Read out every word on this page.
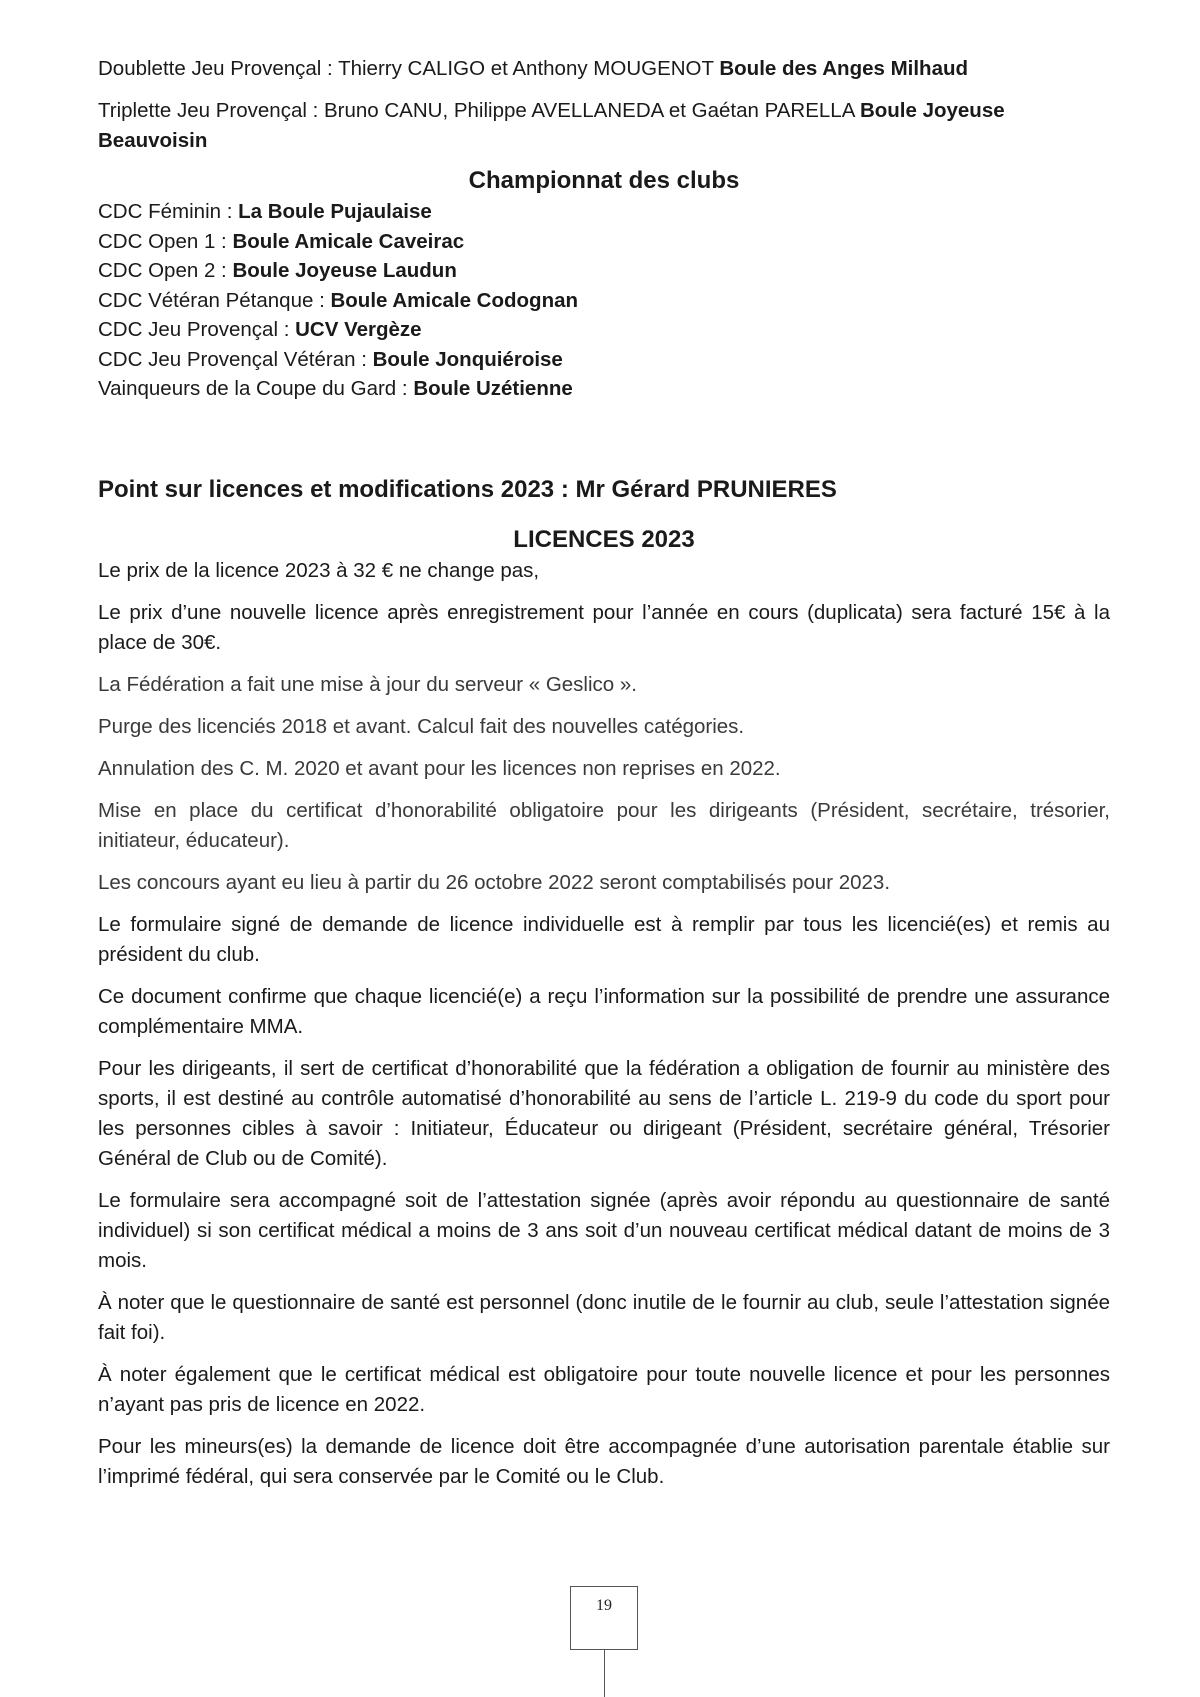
Doublette Jeu Provençal : Thierry CALIGO et Anthony MOUGENOT Boule des Anges Milhaud

Triplette Jeu Provençal : Bruno CANU, Philippe AVELLANEDA et Gaétan PARELLA Boule Joyeuse Beauvoisin

Championnat des clubs

CDC Féminin : La Boule Pujaulaise

CDC Open 1 : Boule Amicale Caveirac

CDC Open 2 : Boule Joyeuse Laudun

CDC Vétéran Pétanque : Boule Amicale Codognan

CDC Jeu Provençal : UCV Vergèze

CDC Jeu Provençal Vétéran : Boule Jonquiéroise

Vainqueurs de la Coupe du Gard : Boule Uzétienne

Point sur licences et modifications 2023 : Mr Gérard PRUNIERES

LICENCES 2023

Le prix de la licence 2023 à 32 € ne change pas,

Le prix d’une nouvelle licence après enregistrement pour l’année en cours (duplicata) sera facturé 15€ à la place de 30€.

La Fédération a fait une mise à jour du serveur « Geslico ».

Purge des licenciés 2018 et avant. Calcul fait des nouvelles catégories.

Annulation des C. M. 2020 et avant pour les licences non reprises en 2022.

Mise en place du certificat d’honorabilité obligatoire pour les dirigeants (Président, secrétaire, trésorier, initiateur, éducateur).

Les concours ayant eu lieu à partir du 26 octobre 2022 seront comptabilisés pour 2023.

Le formulaire signé de demande de licence individuelle est à remplir par tous les licencié(es) et remis au président du club.

Ce document confirme que chaque licencié(e) a reçu l’information sur la possibilité de prendre une assurance complémentaire MMA.

Pour les dirigeants, il sert de certificat d’honorabilité que la fédération a obligation de fournir au ministère des sports, il est destiné au contrôle automatisé d’honorabilité au sens de l’article L. 219-9 du code du sport pour les personnes cibles à savoir : Initiateur, Éducateur ou dirigeant (Président, secrétaire général, Trésorier Général de Club ou de Comité).

Le formulaire sera accompagné soit de l’attestation signée (après avoir répondu au questionnaire de santé individuel) si son certificat médical a moins de 3 ans soit d’un nouveau certificat médical datant de moins de 3 mois.

À noter que le questionnaire de santé est personnel (donc inutile de le fournir au club, seule l’attestation signée fait foi).

À noter également que le certificat médical est obligatoire pour toute nouvelle licence et pour les personnes n’ayant pas pris de licence en 2022.

Pour les mineurs(es) la demande de licence doit être accompagnée d’une autorisation parentale établie sur l’imprimé fédéral, qui sera conservée par le Comité ou le Club.

19
